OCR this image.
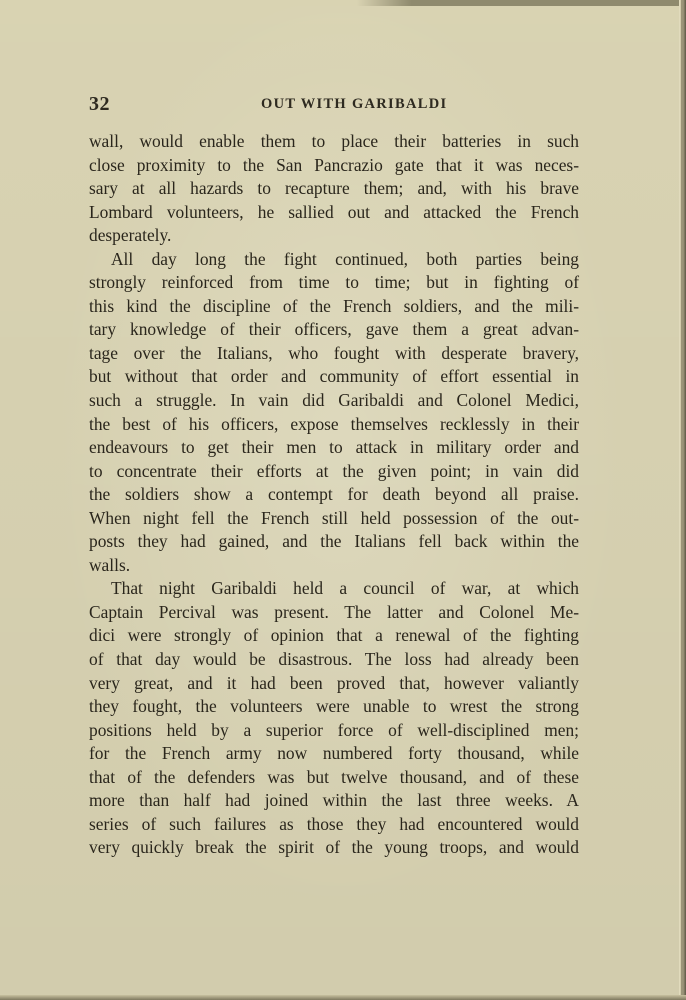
32	OUT WITH GARIBALDI
wall, would enable them to place their batteries in such
close proximity to the San Pancrazio gate that it was neces-
sary at all hazards to recapture them; and, with his brave
Lombard volunteers, he sallied out and attacked the French
desperately.
All day long the fight continued, both parties being
strongly reinforced from time to time; but in fighting of
this kind the discipline of the French soldiers, and the mili-
tary knowledge of their officers, gave them a great advan-
tage over the Italians, who fought with desperate bravery,
but without that order and community of effort essential in
such a struggle. In vain did Garibaldi and Colonel Medici,
the best of his officers, expose themselves recklessly in their
endeavours to get their men to attack in military order and
to concentrate their efforts at the given point; in vain did
the soldiers show a contempt for death beyond all praise.
When night fell the French still held possession of the out-
posts they had gained, and the Italians fell back within the
walls.
That night Garibaldi held a council of war, at which
Captain Percival was present. The latter and Colonel Me-
dici were strongly of opinion that a renewal of the fighting
of that day would be disastrous. The loss had already been
very great, and it had been proved that, however valiantly
they fought, the volunteers were unable to wrest the strong
positions held by a superior force of well-disciplined men;
for the French army now numbered forty thousand, while
that of the defenders was but twelve thousand, and of these
more than half had joined within the last three weeks. A
series of such failures as those they had encountered would
very quickly break the spirit of the young troops, and would
